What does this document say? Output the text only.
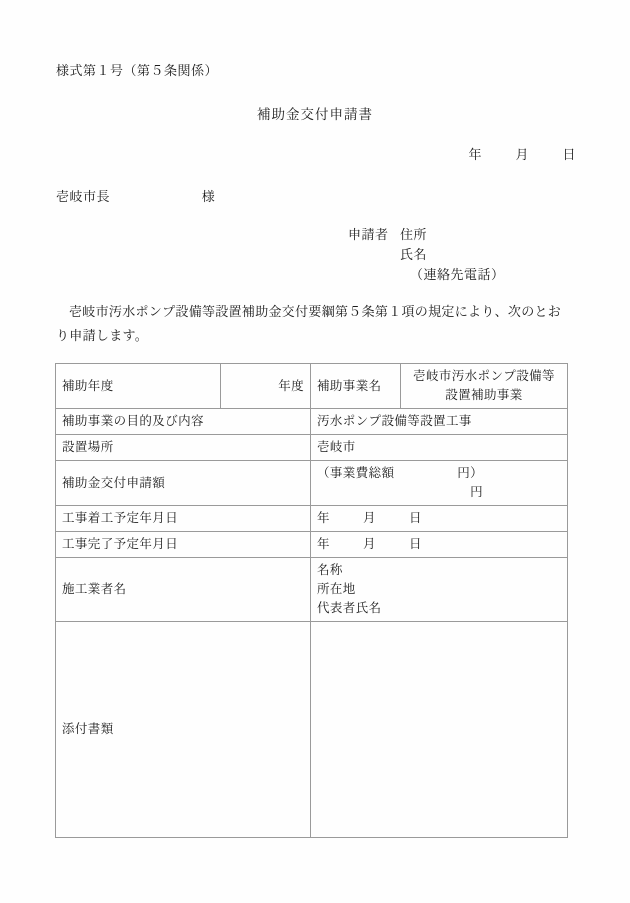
様式第１号（第５条関係）
補助金交付申請書
年	月	日
壱岐市長	様
申請者 住所
氏名
（連絡先電話）
壱岐市汚水ポンプ設備等設置補助金交付要綱第５条第１項の規定により、次のとおり申請します。
補助年度	年度	補助事業名	壱岐市汚水ポンプ設備等設置補助事業
補助事業の目的及び内容		汚水ポンプ設備等設置工事	
設置場所		壱岐市	
補助金交付申請額		（事業費総額 円）
円	

工事着工予定年月日		年 月 日	
工事完了予定年月日		年 月 日	
施工業者名		名称
所在地
代表者氏名	

添付書類			
